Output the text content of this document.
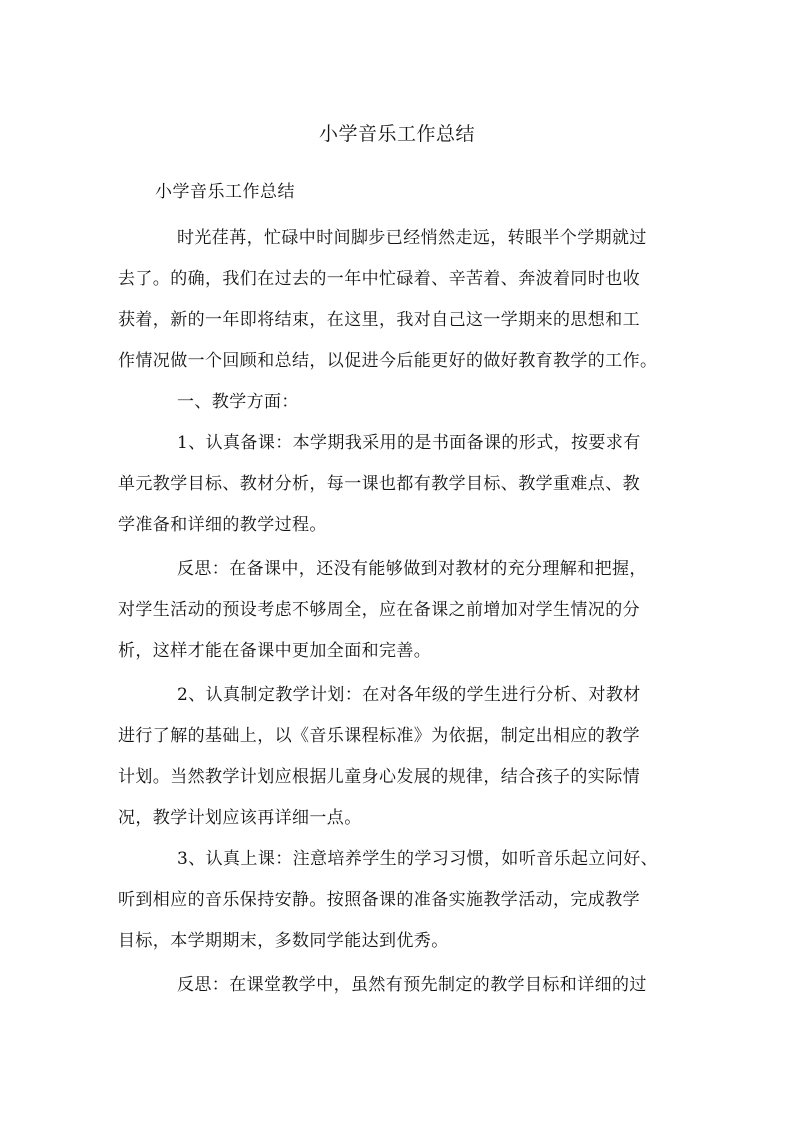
小学音乐工作总结
小学音乐工作总结
时光荏苒，忙碌中时间脚步已经悄然走远，转眼半个学期就过
去了。的确，我们在过去的一年中忙碌着、辛苦着、奔波着同时也收
获着，新的一年即将结束，在这里，我对自己这一学期来的思想和工
作情况做一个回顾和总结，以促进今后能更好的做好教育教学的工作。
一、教学方面：
1、认真备课：本学期我采用的是书面备课的形式，按要求有
单元教学目标、教材分析，每一课也都有教学目标、教学重难点、教
学准备和详细的教学过程。
反思：在备课中，还没有能够做到对教材的充分理解和把握，
对学生活动的预设考虑不够周全，应在备课之前增加对学生情况的分
析，这样才能在备课中更加全面和完善。
2、认真制定教学计划：在对各年级的学生进行分析、对教材
进行了解的基础上，以《音乐课程标准》为依据，制定出相应的教学
计划。当然教学计划应根据儿童身心发展的规律，结合孩子的实际情
况，教学计划应该再详细一点。
3、认真上课：注意培养学生的学习习惯，如听音乐起立问好、
听到相应的音乐保持安静。按照备课的准备实施教学活动，完成教学
目标，本学期期末，多数同学能达到优秀。
反思：在课堂教学中，虽然有预先制定的教学目标和详细的过
